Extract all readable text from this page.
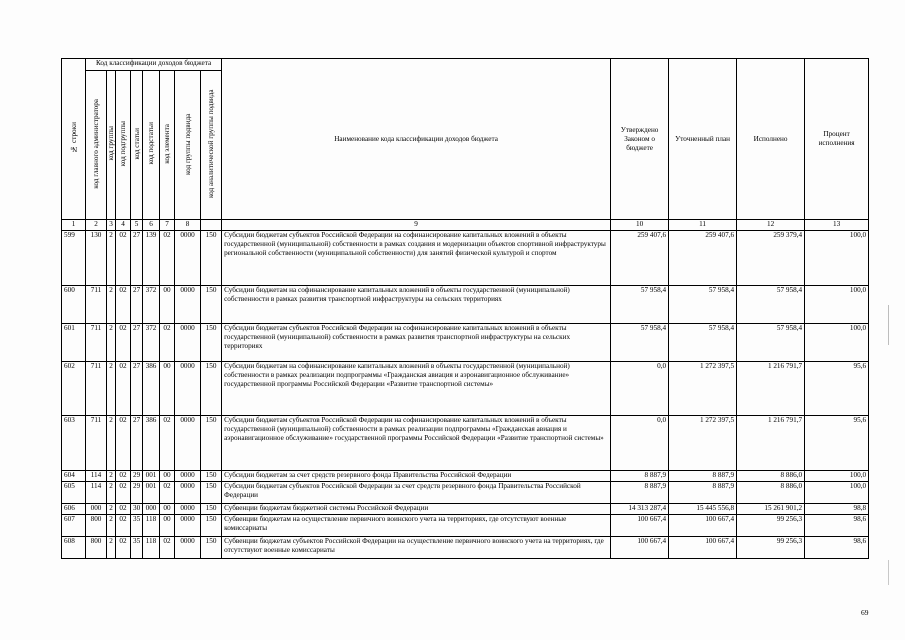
№ строки	Код классификации доходов бюджета								Наименование кода классификации доходов бюджета	Утверждено Законом о бюджете	Уточненный план	Исполнено	Процент исполнения
	код главного администратора	код группы	код подгруппы	код статьи	код подстатьи	код элемента	код группы подвида	код аналитической группы подвида					
1	2	3	4	5	6	7	8		9	10	11	12	13
599	130	2	02	27	139	02	0000	150	Субсидии бюджетам субъектов Российской Федерации на софинансирование капитальных вложений в объекты государственной (муниципальной) собственности в рамках создания и модернизации объектов спортивной инфраструктуры региональной собственности (муниципальной собственности) для занятий физической культурой и спортом	259 407,6	259 407,6	259 379,4	100,0
600	711	2	02	27	372	00	0000	150	Субсидии бюджетам на софинансирование капитальных вложений в объекты государственной (муниципальной) собственности в рамках развития транспортной инфраструктуры на сельских территориях	57 958,4	57 958,4	57 958,4	100,0
601	711	2	02	27	372	02	0000	150	Субсидии бюджетам субъектов Российской Федерации на софинансирование капитальных вложений в объекты государственной (муниципальной) собственности в рамках развития транспортной инфраструктуры на сельских территориях	57 958,4	57 958,4	57 958,4	100,0
602	711	2	02	27	386	00	0000	150	Субсидии бюджетам на софинансирование капитальных вложений в объекты государственной (муниципальной) собственности в рамках реализации подпрограммы «Гражданская авиация и аэронавигационное обслуживание» государственной программы Российской Федерации «Развитие транспортной системы»	0,0	1 272 397,5	1 216 791,7	95,6
603	711	2	02	27	386	02	0000	150	Субсидии бюджетам субъектов Российской Федерации на софинансирование капитальных вложений в объекты государственной (муниципальной) собственности в рамках реализации подпрограммы «Гражданская авиация и аэронавигационное обслуживание» государственной программы Российской Федерации «Развитие транспортной системы»	0,0	1 272 397,5	1 216 791,7	95,6
604	114	2	02	29	001	00	0000	150	Субсидии бюджетам за счет средств резервного фонда Правительства Российской Федерации	8 887,9	8 887,9	8 886,0	100,0
605	114	2	02	29	001	02	0000	150	Субсидии бюджетам субъектов Российской Федерации за счет средств резервного фонда Правительства Российской Федерации	8 887,9	8 887,9	8 886,0	100,0
606	000	2	02	30	000	00	0000	150	Субвенции бюджетам бюджетной системы Российской Федерации	14 313 287,4	15 445 556,8	15 261 901,2	98,8
607	800	2	02	35	118	00	0000	150	Субвенции бюджетам на осуществление первичного воинского учета на территориях, где отсутствуют военные комиссариаты	100 667,4	100 667,4	99 256,3	98,6
608	800	2	02	35	118	02	0000	150	Субвенции бюджетам субъектов Российской Федерации на осуществление первичного воинского учета на территориях, где отсутствуют военные комиссариаты	100 667,4	100 667,4	99 256,3	98,6
69
